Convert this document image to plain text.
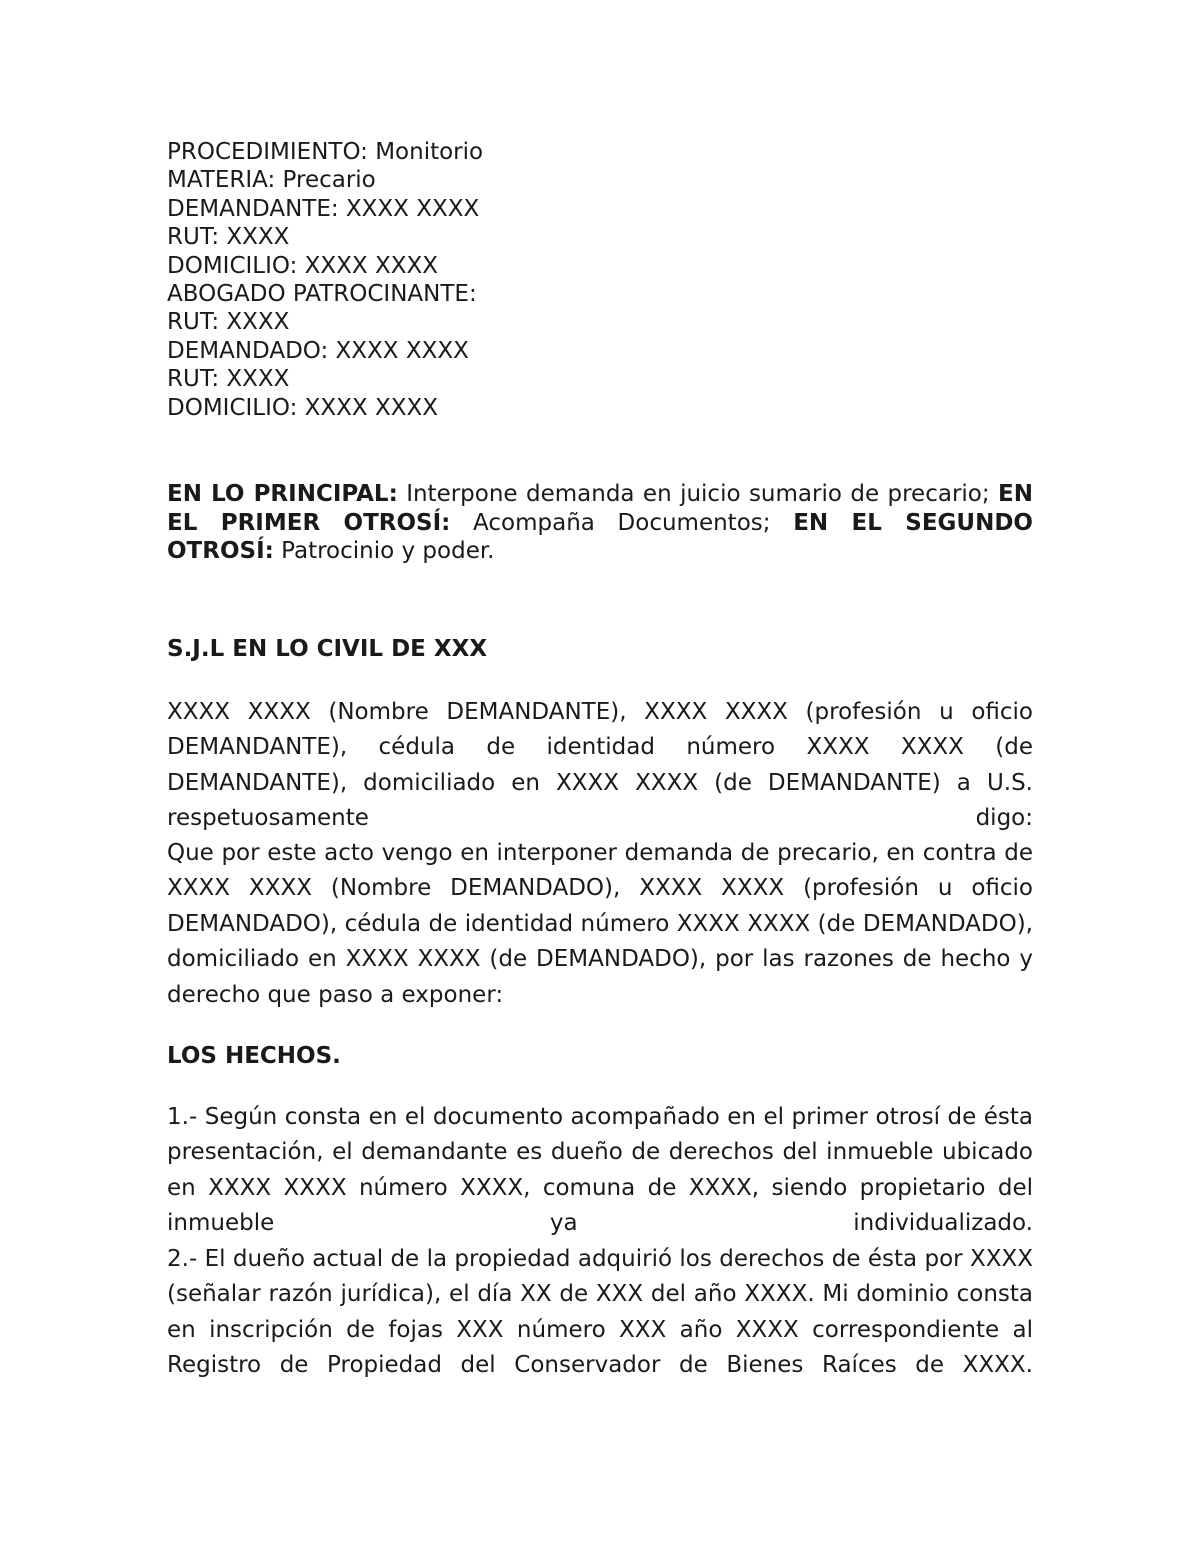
PROCEDIMIENTO: Monitorio
MATERIA: Precario
DEMANDANTE: XXXX XXXX
RUT: XXXX
DOMICILIO: XXXX XXXX
ABOGADO PATROCINANTE:
RUT: XXXX
DEMANDADO: XXXX XXXX
RUT: XXXX
DOMICILIO: XXXX XXXX
EN LO PRINCIPAL: Interpone demanda en juicio sumario de precario; EN EL PRIMER OTROSÍ: Acompaña Documentos; EN EL SEGUNDO OTROSÍ: Patrocinio y poder.
S.J.L EN LO CIVIL DE XXX
XXXX XXXX (Nombre DEMANDANTE), XXXX XXXX (profesión u oficio
DEMANDANTE), cédula de identidad número XXXX XXXX (de
DEMANDANTE), domiciliado en XXXX XXXX (de DEMANDANTE) a U.S.
respetuosamente digo:
Que por este acto vengo en interponer demanda de precario, en contra de
XXXX XXXX (Nombre DEMANDADO), XXXX XXXX (profesión u oficio
DEMANDADO), cédula de identidad número XXXX XXXX (de DEMANDADO),
domiciliado en XXXX XXXX (de DEMANDADO), por las razones de hecho y
derecho que paso a exponer:
LOS HECHOS.
1.- Según consta en el documento acompañado en el primer otrosí de ésta
presentación, el demandante es dueño de derechos del inmueble ubicado
en XXXX XXXX número XXXX, comuna de XXXX, siendo propietario del
inmueble ya individualizado.
2.- El dueño actual de la propiedad adquirió los derechos de ésta por XXXX
(señalar razón jurídica), el día XX de XXX del año XXXX. Mi dominio consta
en inscripción de fojas XXX número XXX año XXXX correspondiente al
Registro de Propiedad del Conservador de Bienes Raíces de XXXX.
